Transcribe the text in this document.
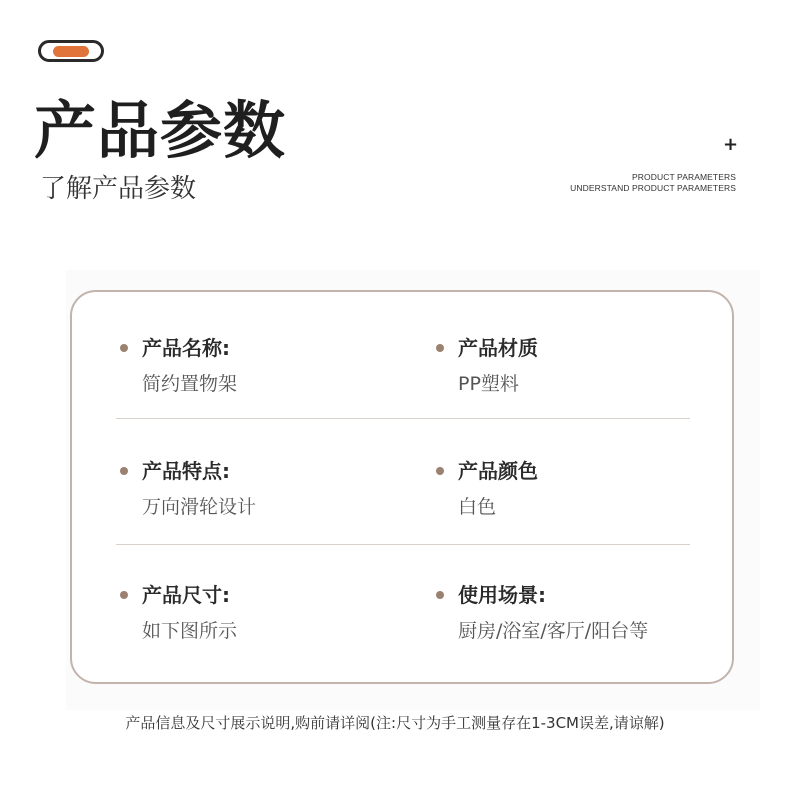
产品参数
了解产品参数
+
PRODUCT PARAMETERS
UNDERSTAND PRODUCT PARAMETERS
产品名称:
简约置物架
产品材质
PP塑料
产品特点:
万向滑轮设计
产品颜色
白色
产品尺寸:
如下图所示
使用场景:
厨房/浴室/客厅/阳台等
产品信息及尺寸展示说明,购前请详阅(注:尺寸为手工测量存在1-3CM误差,请谅解)
